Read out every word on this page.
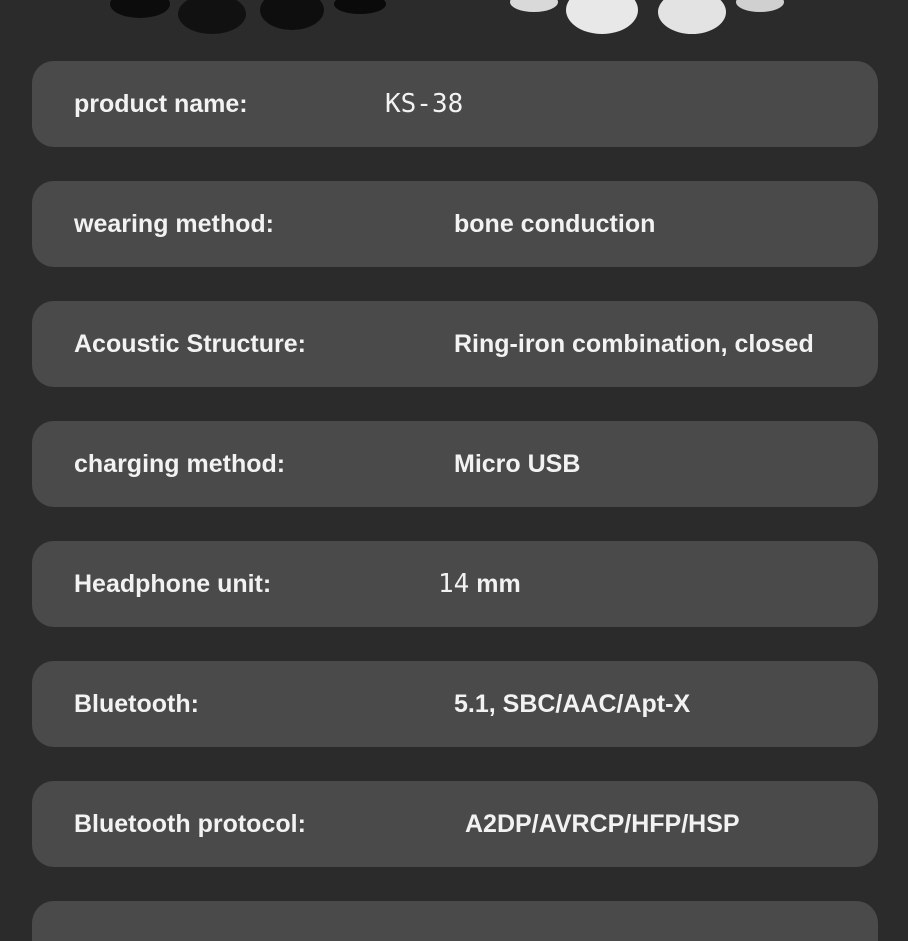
product name:	KS-38
wearing method:	bone conduction
Acoustic Structure:	Ring-iron combination, closed
charging method:	Micro USB
Headphone unit:	14 mm
Bluetooth:	5.1, SBC/AAC/Apt-X
Bluetooth protocol:	A2DP/AVRCP/HFP/HSP
